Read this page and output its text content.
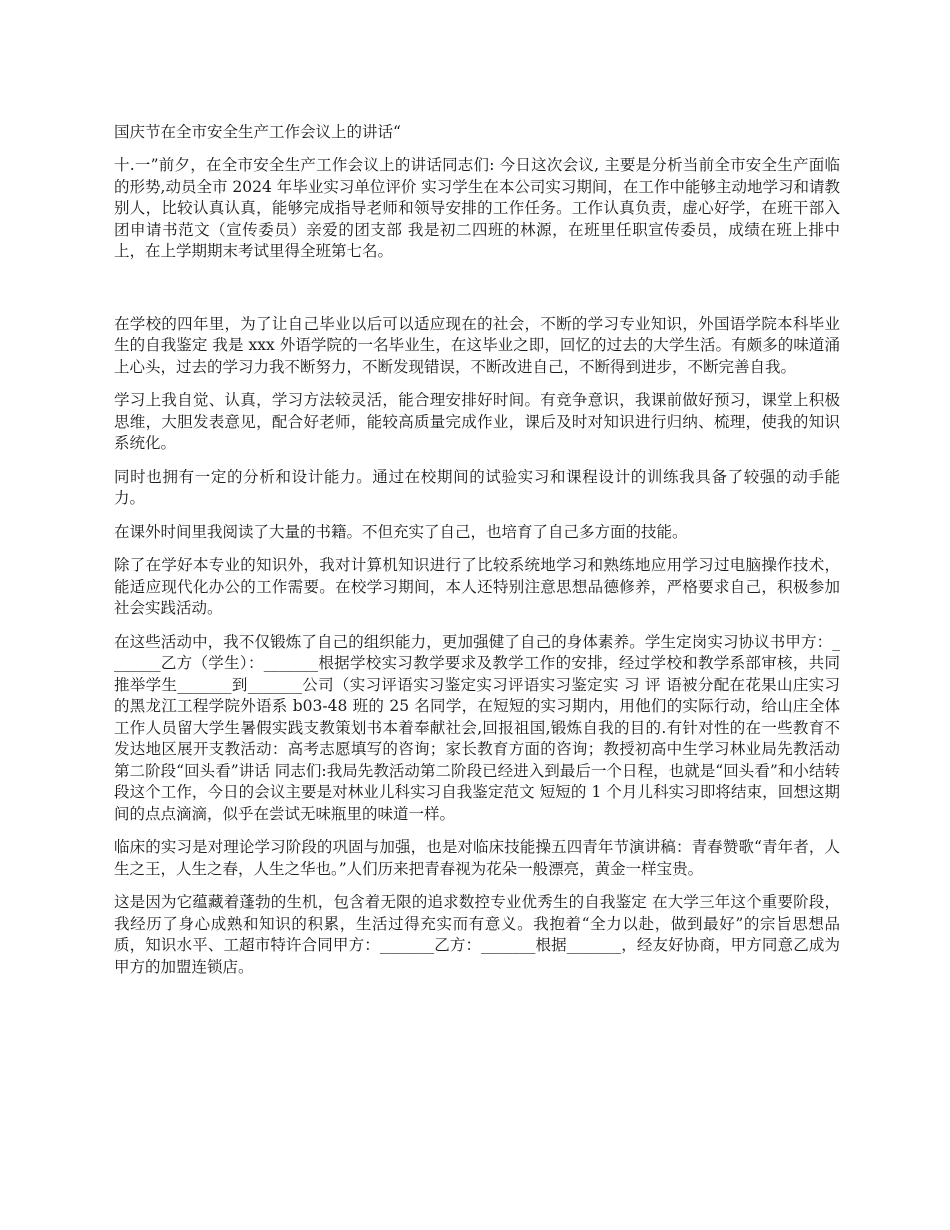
国庆节在全市安全生产工作会议上的讲话“

十.一”前夕，在全市安全生产工作会议上的讲话同志们: 今日这次会议, 主要是分析当前全市安全生产面临的形势,动员全市 2024 年毕业实习单位评价 实习学生在本公司实习期间，在工作中能够主动地学习和请教别人，比较认真认真，能够完成指导老师和领导安排的工作任务。工作认真负责，虚心好学，在班干部入团申请书范文（宣传委员）亲爱的团支部 我是初二四班的林源，在班里任职宣传委员，成绩在班上排中上，在上学期期末考试里得全班第七名。

在学校的四年里，为了让自己毕业以后可以适应现在的社会，不断的学习专业知识，外国语学院本科毕业生的自我鉴定 我是 xxx 外语学院的一名毕业生，在这毕业之即，回忆的过去的大学生活。有颇多的味道涌上心头，过去的学习力我不断努力，不断发现错误，不断改进自己，不断得到进步，不断完善自我。

学习上我自觉、认真，学习方法较灵活，能合理安排好时间。有竞争意识，我课前做好预习，课堂上积极思维，大胆发表意见，配合好老师，能较高质量完成作业，课后及时对知识进行归纳、梳理，使我的知识系统化。

同时也拥有一定的分析和设计能力。通过在校期间的试验实习和课程设计的训练我具备了较强的动手能力。

在课外时间里我阅读了大量的书籍。不但充实了自己，也培育了自己多方面的技能。

除了在学好本专业的知识外，我对计算机知识进行了比较系统地学习和熟练地应用学习过电脑操作技术，能适应现代化办公的工作需要。在校学习期间，本人还特别注意思想品德修养，严格要求自己，积极参加社会实践活动。

在这些活动中，我不仅锻炼了自己的组织能力，更加强健了自己的身体素养。学生定岗实习协议书甲方：_______乙方（学生）：_______根据学校实习教学要求及教学工作的安排，经过学校和教学系部审核，共同推举学生_______到_______公司（实习评语实习鉴定实习评语实习鉴定实 习 评 语被分配在花果山庄实习的黑龙江工程学院外语系 b03-48 班的 25 名同学，在短短的实习期内，用他们的实际行动，给山庄全体工作人员留大学生暑假实践支教策划书本着奉献社会,回报祖国,锻炼自我的目的.有针对性的在一些教育不发达地区展开支教活动：高考志愿填写的咨询；家长教育方面的咨询；教授初高中生学习林业局先教活动第二阶段“回头看”讲话 同志们:我局先教活动第二阶段已经进入到最后一个日程，也就是“回头看”和小结转段这个工作，今日的会议主要是对林业儿科实习自我鉴定范文 短短的 1 个月儿科实习即将结束，回想这期间的点点滴滴，似乎在尝试无味瓶里的味道一样。

临床的实习是对理论学习阶段的巩固与加强，也是对临床技能操五四青年节演讲稿：青春赞歌“青年者，人生之王，人生之春，人生之华也。”人们历来把青春视为花朵一般漂亮，黄金一样宝贵。

这是因为它蕴藏着蓬勃的生机，包含着无限的追求数控专业优秀生的自我鉴定 在大学三年这个重要阶段，我经历了身心成熟和知识的积累，生活过得充实而有意义。我抱着“全力以赴，做到最好”的宗旨思想品质，知识水平、工超市特许合同甲方：_______乙方：_______根据_______，经友好协商，甲方同意乙成为甲方的加盟连锁店。
